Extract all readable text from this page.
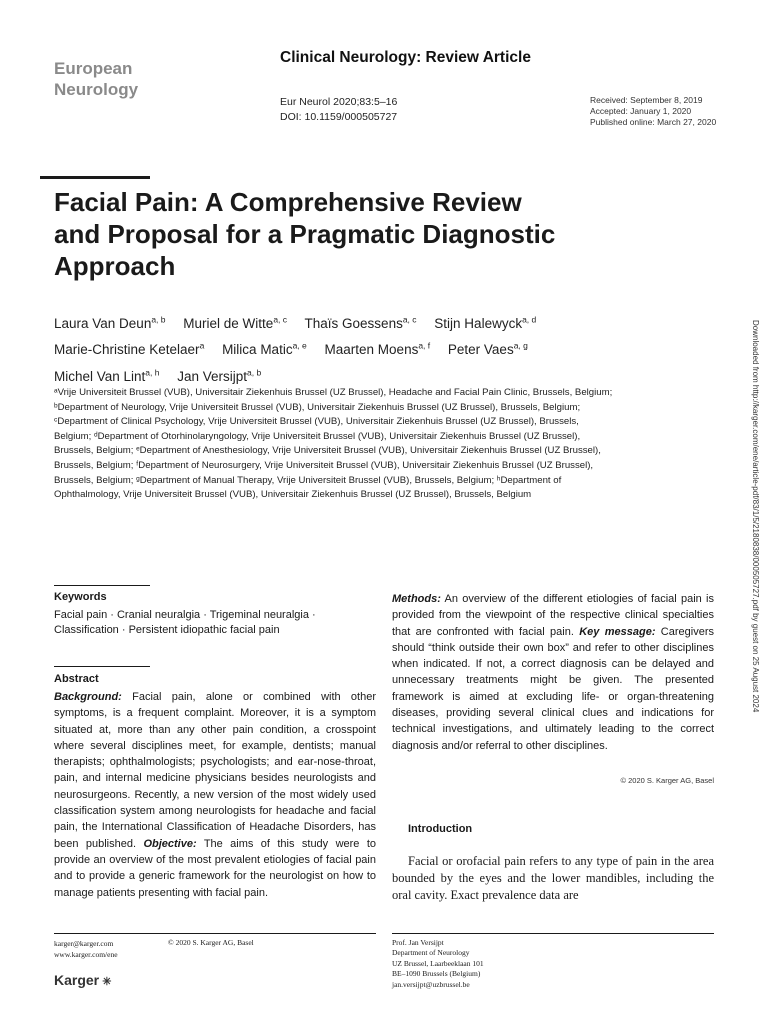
European
Neurology
Clinical Neurology: Review Article
Eur Neurol 2020;83:5–16
DOI: 10.1159/000505727
Received: September 8, 2019
Accepted: January 1, 2020
Published online: March 27, 2020
Facial Pain: A Comprehensive Review
and Proposal for a Pragmatic Diagnostic
Approach
Laura Van Deun$^{a, b}$ Muriel de Witte$^{a, c}$ Thaïs Goessens$^{a, c}$ Stijn Halewyck$^{a, d}$
Marie-Christine Ketelaer$^a$ Milica Matic$^{a, e}$ Maarten Moens$^{a, f}$ Peter Vaes$^{a, g}$
Michel Van Lint$^{a, h}$ Jan Versijpt$^{a, b}$

ᵃVrije Universiteit Brussel (VUB), Universitair Ziekenhuis Brussel (UZ Brussel), Headache and Facial Pain Clinic, Brussels, Belgium; ᵇDepartment of Neurology, Vrije Universiteit Brussel (VUB), Universitair Ziekenhuis Brussel (UZ Brussel), Brussels, Belgium; ᶜDepartment of Clinical Psychology, Vrije Universiteit Brussel (VUB), Universitair Ziekenhuis Brussel (UZ Brussel), Brussels, Belgium; ᵈDepartment of Otorhinolaryngology, Vrije Universiteit Brussel (VUB), Universitair Ziekenhuis Brussel (UZ Brussel), Brussels, Belgium; ᵉDepartment of Anesthesiology, Vrije Universiteit Brussel (VUB), Universitair Ziekenhuis Brussel (UZ Brussel), Brussels, Belgium; ᶠDepartment of Neurosurgery, Vrije Universiteit Brussel (VUB), Universitair Ziekenhuis Brussel (UZ Brussel), Brussels, Belgium; ᵍDepartment of Manual Therapy, Vrije Universiteit Brussel (VUB), Brussels, Belgium; ʰDepartment of Ophthalmology, Vrije Universiteit Brussel (VUB), Universitair Ziekenhuis Brussel (UZ Brussel), Brussels, Belgium	Downloaded from http://karger.com/ene/article-pdf/83/1/5/2180838/000505727.pdf by guest on 25 August 2024
Keywords

Facial pain · Cranial neuralgia · Trigeminal neuralgia · Classification · Persistent idiopathic facial pain

Abstract

Background: Facial pain, alone or combined with other symptoms, is a frequent complaint. Moreover, it is a symptom situated at, more than any other pain condition, a crosspoint where several disciplines meet, for example, dentists; manual therapists; ophthalmologists; psychologists; and ear-nose-throat, pain, and internal medicine physicians besides neurologists and neurosurgeons. Recently, a new version of the most widely used classification system among neurologists for headache and facial pain, the International Classification of Headache Disorders, has been published. Objective: The aims of this study were to provide an overview of the most prevalent etiologies of facial pain and to provide a generic framework for the neurologist on how to manage patients presenting with facial pain.

Methods: An overview of the different etiologies of facial pain is provided from the viewpoint of the respective clinical specialties that are confronted with facial pain. Key message: Caregivers should “think outside their own box” and refer to other disciplines when indicated. If not, a correct diagnosis can be delayed and unnecessary treatments might be given. The presented framework is aimed at excluding life- or organ-threatening diseases, providing several clinical clues and indications for technical investigations, and ultimately leading to the correct diagnosis and/or referral to other disciplines.

© 2020 S. Karger AG, Basel
Introduction

Facial or orofacial pain refers to any type of pain in the area bounded by the eyes and the lower mandibles, including the oral cavity. Exact prevalence data are

karger@karger.com
www.karger.com/ene
© 2020 S. Karger AG, Basel
Karger ✳
Prof. Jan Versijpt
Department of Neurology
UZ Brussel, Laarbeeklaan 101
BE–1090 Brussels (Belgium)
jan.versijpt@uzbrussel.be
